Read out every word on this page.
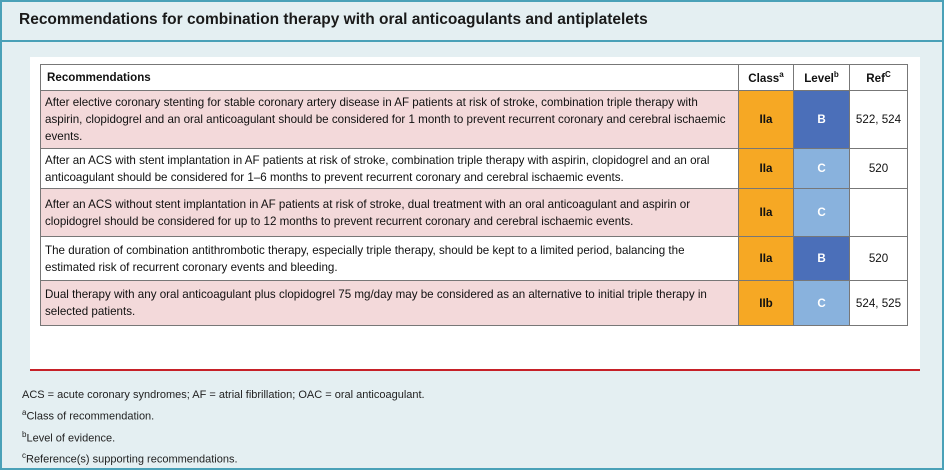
Recommendations for combination therapy with oral anticoagulants and antiplatelets
Recommendations	Class$^a$	Level$^b$	Ref$^C$
After elective coronary stenting for stable coronary artery disease in AF patients at risk of stroke, combination triple therapy with aspirin, clopidogrel and an oral anticoagulant should be considered for 1 month to prevent recurrent coronary and cerebral ischaemic events.	IIa	B	522, 524
After an ACS with stent implantation in AF patients at risk of stroke, combination triple therapy with aspirin, clopidogrel and an oral anticoagulant should be considered for 1–6 months to prevent recurrent coronary and cerebral ischaemic events.	IIa	C	520
After an ACS without stent implantation in AF patients at risk of stroke, dual treatment with an oral anticoagulant and aspirin or clopidogrel should be considered for up to 12 months to prevent recurrent coronary and cerebral ischaemic events.	IIa	C	
The duration of combination antithrombotic therapy, especially triple therapy, should be kept to a limited period, balancing the estimated risk of recurrent coronary events and bleeding.	IIa	B	520
Dual therapy with any oral anticoagulant plus clopidogrel 75 mg/day may be considered as an alternative to initial triple therapy in selected patients.	IIb	C	524, 525
ACS = acute coronary syndromes; AF = atrial fibrillation; OAC = oral anticoagulant.
$^a$Class of recommendation.
$^b$Level of evidence.
$^c$Reference(s) supporting recommendations.
